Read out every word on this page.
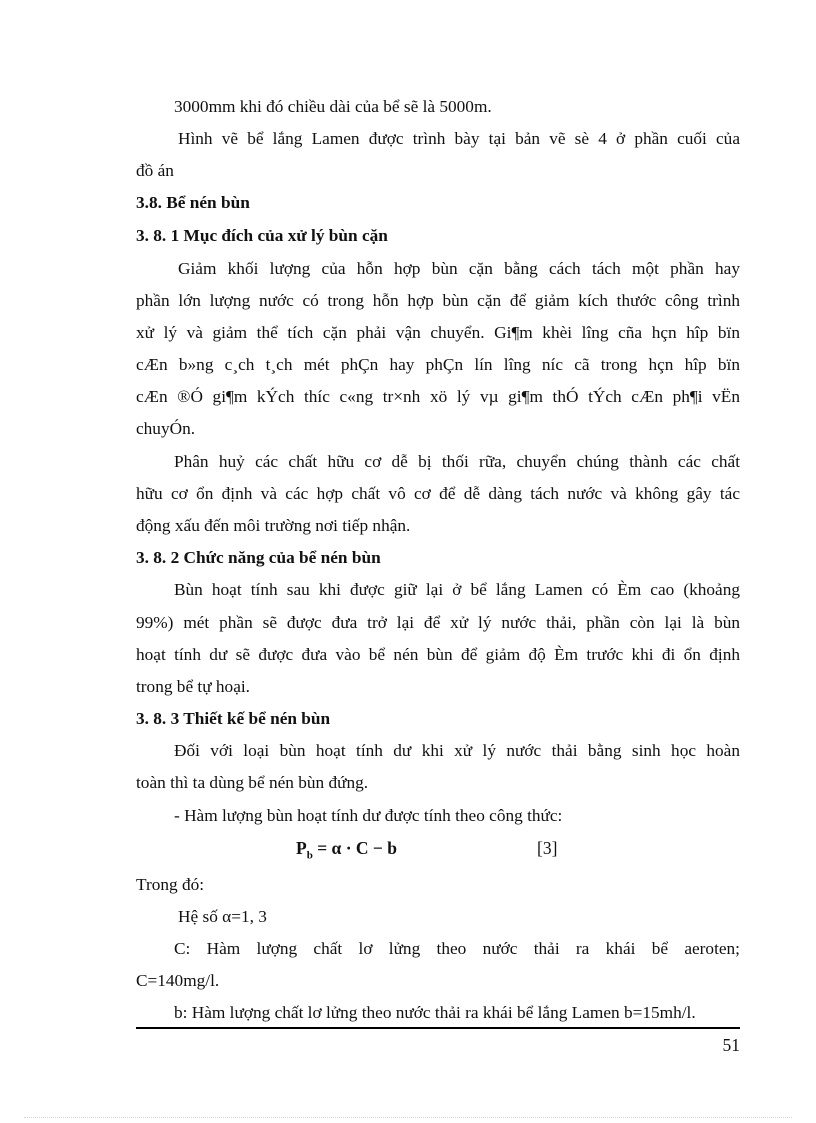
3000mm khi đó chiều dài của bể sẽ là 5000m.

Hình vẽ bể lắng Lamen được trình bày tại bản vẽ sè 4 ở phần cuối của

đồ án

3.8. Bể nén bùn

3. 8. 1 Mục đích của xử lý bùn cặn

Giảm khối lượng của hỗn hợp bùn cặn bằng cách tách một phần hay

phần lớn lượng nước có trong hỗn hợp bùn cặn để giảm kích thước công trình

xử lý và giảm thể tích cặn phải vận chuyển. Gi¶m khèi lîng cña hçn hîp bïn

cÆn b»ng c¸ch t¸ch mét phÇn hay phÇn lín lîng níc cã trong hçn hîp bïn

cÆn ®Ó gi¶m kÝch thíc c«ng tr×nh xö lý vµ gi¶m thÓ tÝch cÆn ph¶i vËn

chuyÓn.

Phân huỷ các chất hữu cơ dễ bị thối rữa, chuyển chúng thành các chất

hữu cơ ổn định và các hợp chất vô cơ để dễ dàng tách nước và không gây tác

động xấu đến môi trường nơi tiếp nhận.

3. 8. 2 Chức năng của bể nén bùn

Bùn hoạt tính sau khi được giữ lại ở bể lắng Lamen có Èm cao (khoảng

99%) mét phần sẽ được đưa trở lại để xử lý nước thải, phần còn lại là bùn

hoạt tính dư sẽ được đưa vào bể nén bùn để giảm độ Èm trước khi đi ổn định

trong bể tự hoại.

3. 8. 3 Thiết kế bể nén bùn

Đối với loại bùn hoạt tính dư khi xử lý nước thải bằng sinh học hoàn

toàn thì ta dùng bể nén bùn đứng.

- Hàm lượng bùn hoạt tính dư được tính theo công thức:

$P_b = \alpha \cdot C - b$	[3]

Trong đó:

Hệ số α=1, 3

C: Hàm lượng chất lơ lửng theo nước thải ra khái bể aeroten;

C=140mg/l.

b: Hàm lượng chất lơ lửng theo nước thải ra khái bể lắng Lamen b=15mh/l.

51
